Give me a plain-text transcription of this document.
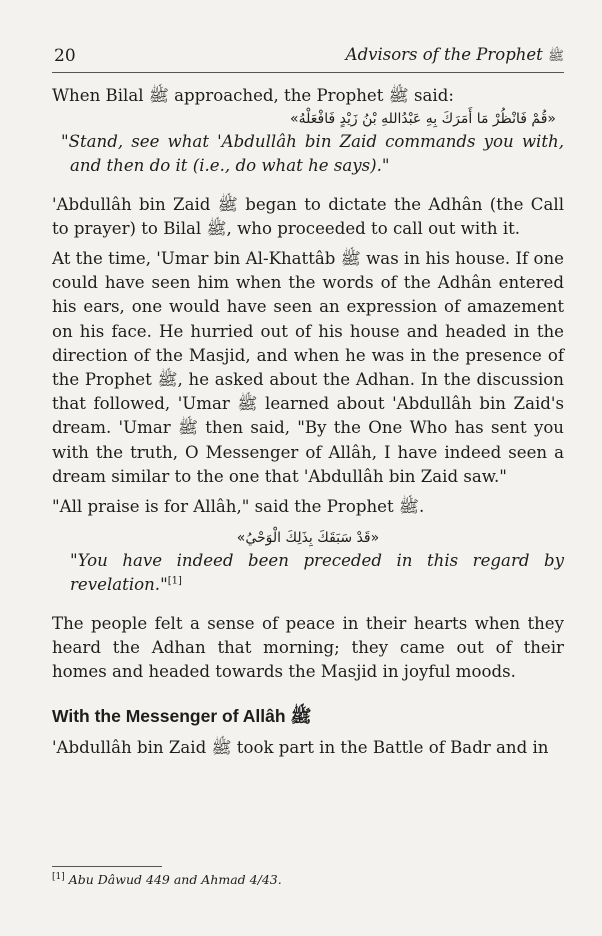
20	Advisors of the Prophet ﷺ

When Bilal ﷺ approached, the Prophet ﷺ said:

«قُمْ فَانْظُرْ مَا أَمَرَكَ بِهِ عَبْدُاللهِ بْنُ زَيْدٍ فَافْعَلْهُ»

"Stand, see what 'Abdullâh bin Zaid commands you with, and then do it (i.e., do what he says)."

'Abdullâh bin Zaid ﷺ began to dictate the Adhân (the Call to prayer) to Bilal ﷺ, who proceeded to call out with it.

At the time, 'Umar bin Al-Khattâb ﷺ was in his house. If one could have seen him when the words of the Adhân entered his ears, one would have seen an expression of amazement on his face. He hurried out of his house and headed in the direction of the Masjid, and when he was in the presence of the Prophet ﷺ, he asked about the Adhan. In the discussion that followed, 'Umar ﷺ learned about 'Abdullâh bin Zaid's dream. 'Umar ﷺ then said, "By the One Who has sent you with the truth, O Messenger of Allâh, I have indeed seen a dream similar to the one that 'Abdullâh bin Zaid saw."

"All praise is for Allâh," said the Prophet ﷺ.

«قَدْ سَبَقَكَ بِذَلِكَ الْوَحْيُ»

"You have indeed been preceded in this regard by revelation."[1]

The people felt a sense of peace in their hearts when they heard the Adhan that morning; they came out of their homes and headed towards the Masjid in joyful moods.

With the Messenger of Allâh ﷺ

'Abdullâh bin Zaid ﷺ took part in the Battle of Badr and in

[1] Abu Dâwud 449 and Ahmad 4/43.
